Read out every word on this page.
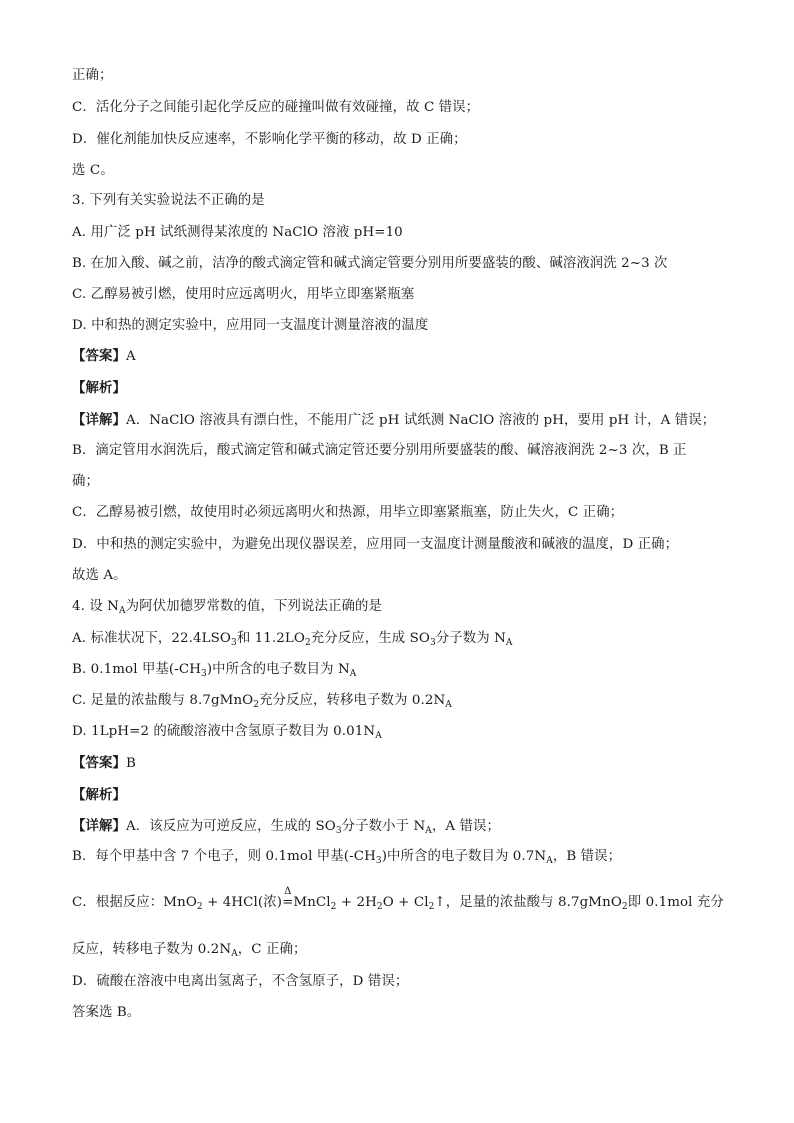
正确；
C．活化分子之间能引起化学反应的碰撞叫做有效碰撞，故 C 错误；
D．催化剂能加快反应速率，不影响化学平衡的移动，故 D 正确；
选 C。
3. 下列有关实验说法不正确的是
A. 用广泛 pH 试纸测得某浓度的 NaClO 溶液 pH=10
B. 在加入酸、碱之前，洁净的酸式滴定管和碱式滴定管要分别用所要盛装的酸、碱溶液润洗 2~3 次
C. 乙醇易被引燃，使用时应远离明火，用毕立即塞紧瓶塞
D. 中和热的测定实验中，应用同一支温度计测量溶液的温度
【答案】A
【解析】
【详解】A．NaClO 溶液具有漂白性，不能用广泛 pH 试纸测 NaClO 溶液的 pH，要用 pH 计，A 错误；
B．滴定管用水润洗后，酸式滴定管和碱式滴定管还要分别用所要盛装的酸、碱溶液润洗 2~3 次，B 正
确；
C．乙醇易被引燃，故使用时必须远离明火和热源，用毕立即塞紧瓶塞，防止失火，C 正确；
D．中和热的测定实验中，为避免出现仪器误差，应用同一支温度计测量酸液和碱液的温度，D 正确；
故选 A。
4. 设 $N_A$为阿伏加德罗常数的值，下列说法正确的是
A. 标准状况下，$22.4LSO_3$和 $11.2LO_2$充分反应，生成 $SO_3$分子数为 $N_A$
B. 0.1mol 甲基$(-CH_3)$中所含的电子数目为 $N_A$
C. 足量的浓盐酸与 8.7gMnO$_2$充分反应，转移电子数为 $0.2N_A$
D. 1LpH=2 的硫酸溶液中含氢原子数目为 $0.01N_A$
【答案】B
【解析】
【详解】A．该反应为可逆反应，生成的 $SO_3$分子数小于 $N_A$，A 错误；
B．每个甲基中含 7 个电子，则 0.1mol 甲基$(-CH_3)$中所含的电子数目为 $0.7N_A$，B 错误；
C．根据反应：MnO$_2$ + 4HCl(浓)
Δ
=MnCl$_2$ + $2H_2O$ + $Cl_2↑$，足量的浓盐酸与 8.7gMnO$_2$即 0.1mol 充分
反应，转移电子数为 $0.2N_A$，C 正确；
D．硫酸在溶液中电离出氢离子，不含氢原子，D 错误；
答案选 B。
